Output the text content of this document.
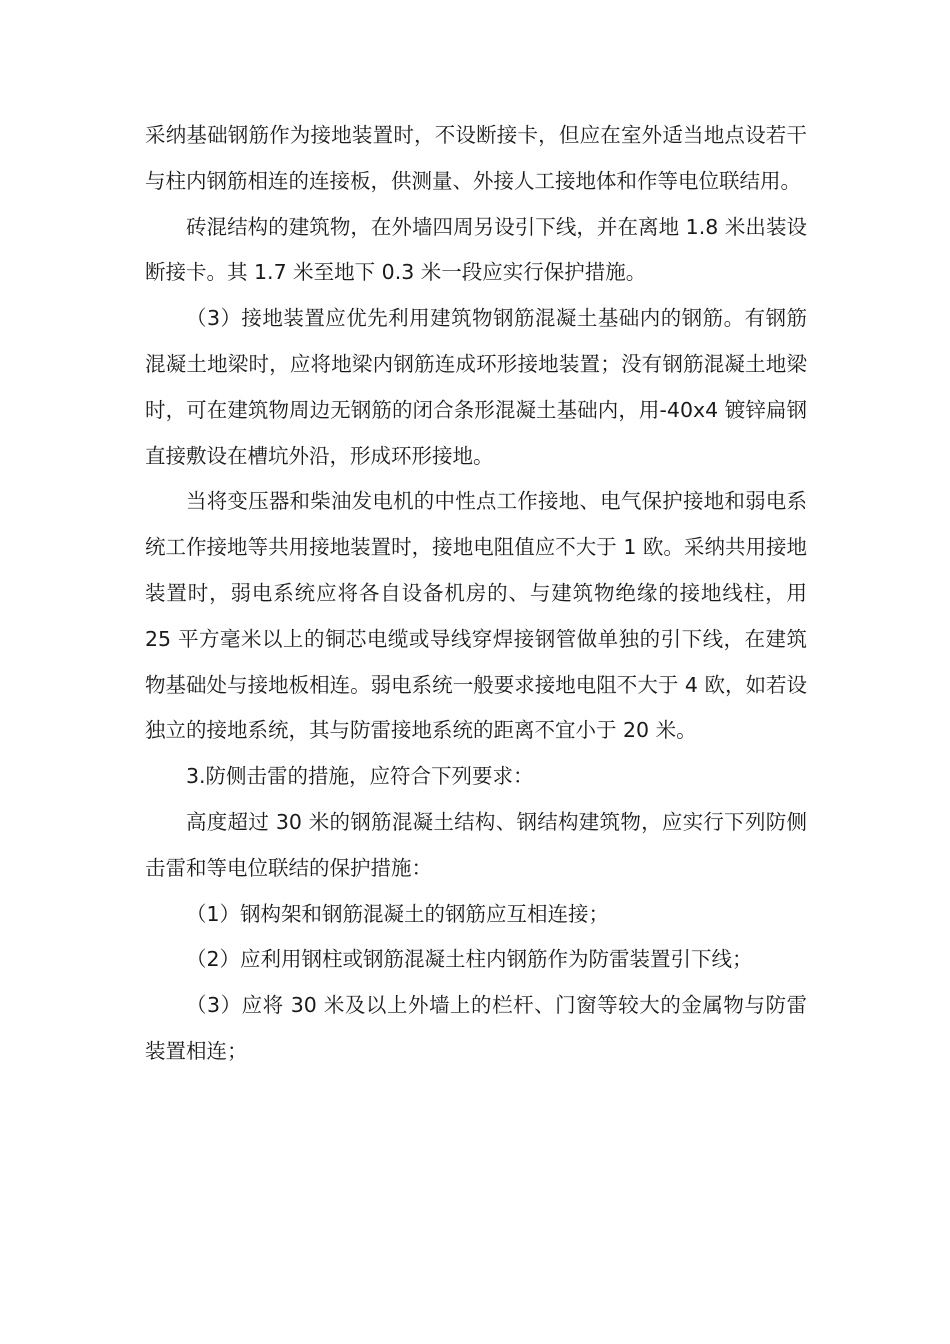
采纳基础钢筋作为接地装置时，不设断接卡，但应在室外适当地点设若干与柱内钢筋相连的连接板，供测量、外接人工接地体和作等电位联结用。

砖混结构的建筑物，在外墙四周另设引下线，并在离地 1.8 米出装设断接卡。其 1.7 米至地下 0.3 米一段应实行保护措施。

（3）接地装置应优先利用建筑物钢筋混凝土基础内的钢筋。有钢筋混凝土地梁时，应将地梁内钢筋连成环形接地装置；没有钢筋混凝土地梁时，可在建筑物周边无钢筋的闭合条形混凝土基础内，用-40x4 镀锌扁钢直接敷设在槽坑外沿，形成环形接地。

当将变压器和柴油发电机的中性点工作接地、电气保护接地和弱电系统工作接地等共用接地装置时，接地电阻值应不大于 1 欧。采纳共用接地装置时，弱电系统应将各自设备机房的、与建筑物绝缘的接地线柱，用 25 平方毫米以上的铜芯电缆或导线穿焊接钢管做单独的引下线，在建筑物基础处与接地板相连。弱电系统一般要求接地电阻不大于 4 欧，如若设独立的接地系统，其与防雷接地系统的距离不宜小于 20 米。

3.防侧击雷的措施，应符合下列要求：

高度超过 30 米的钢筋混凝土结构、钢结构建筑物，应实行下列防侧击雷和等电位联结的保护措施：

（1）钢构架和钢筋混凝土的钢筋应互相连接；

（2）应利用钢柱或钢筋混凝土柱内钢筋作为防雷装置引下线；

（3）应将 30 米及以上外墙上的栏杆、门窗等较大的金属物与防雷装置相连；
